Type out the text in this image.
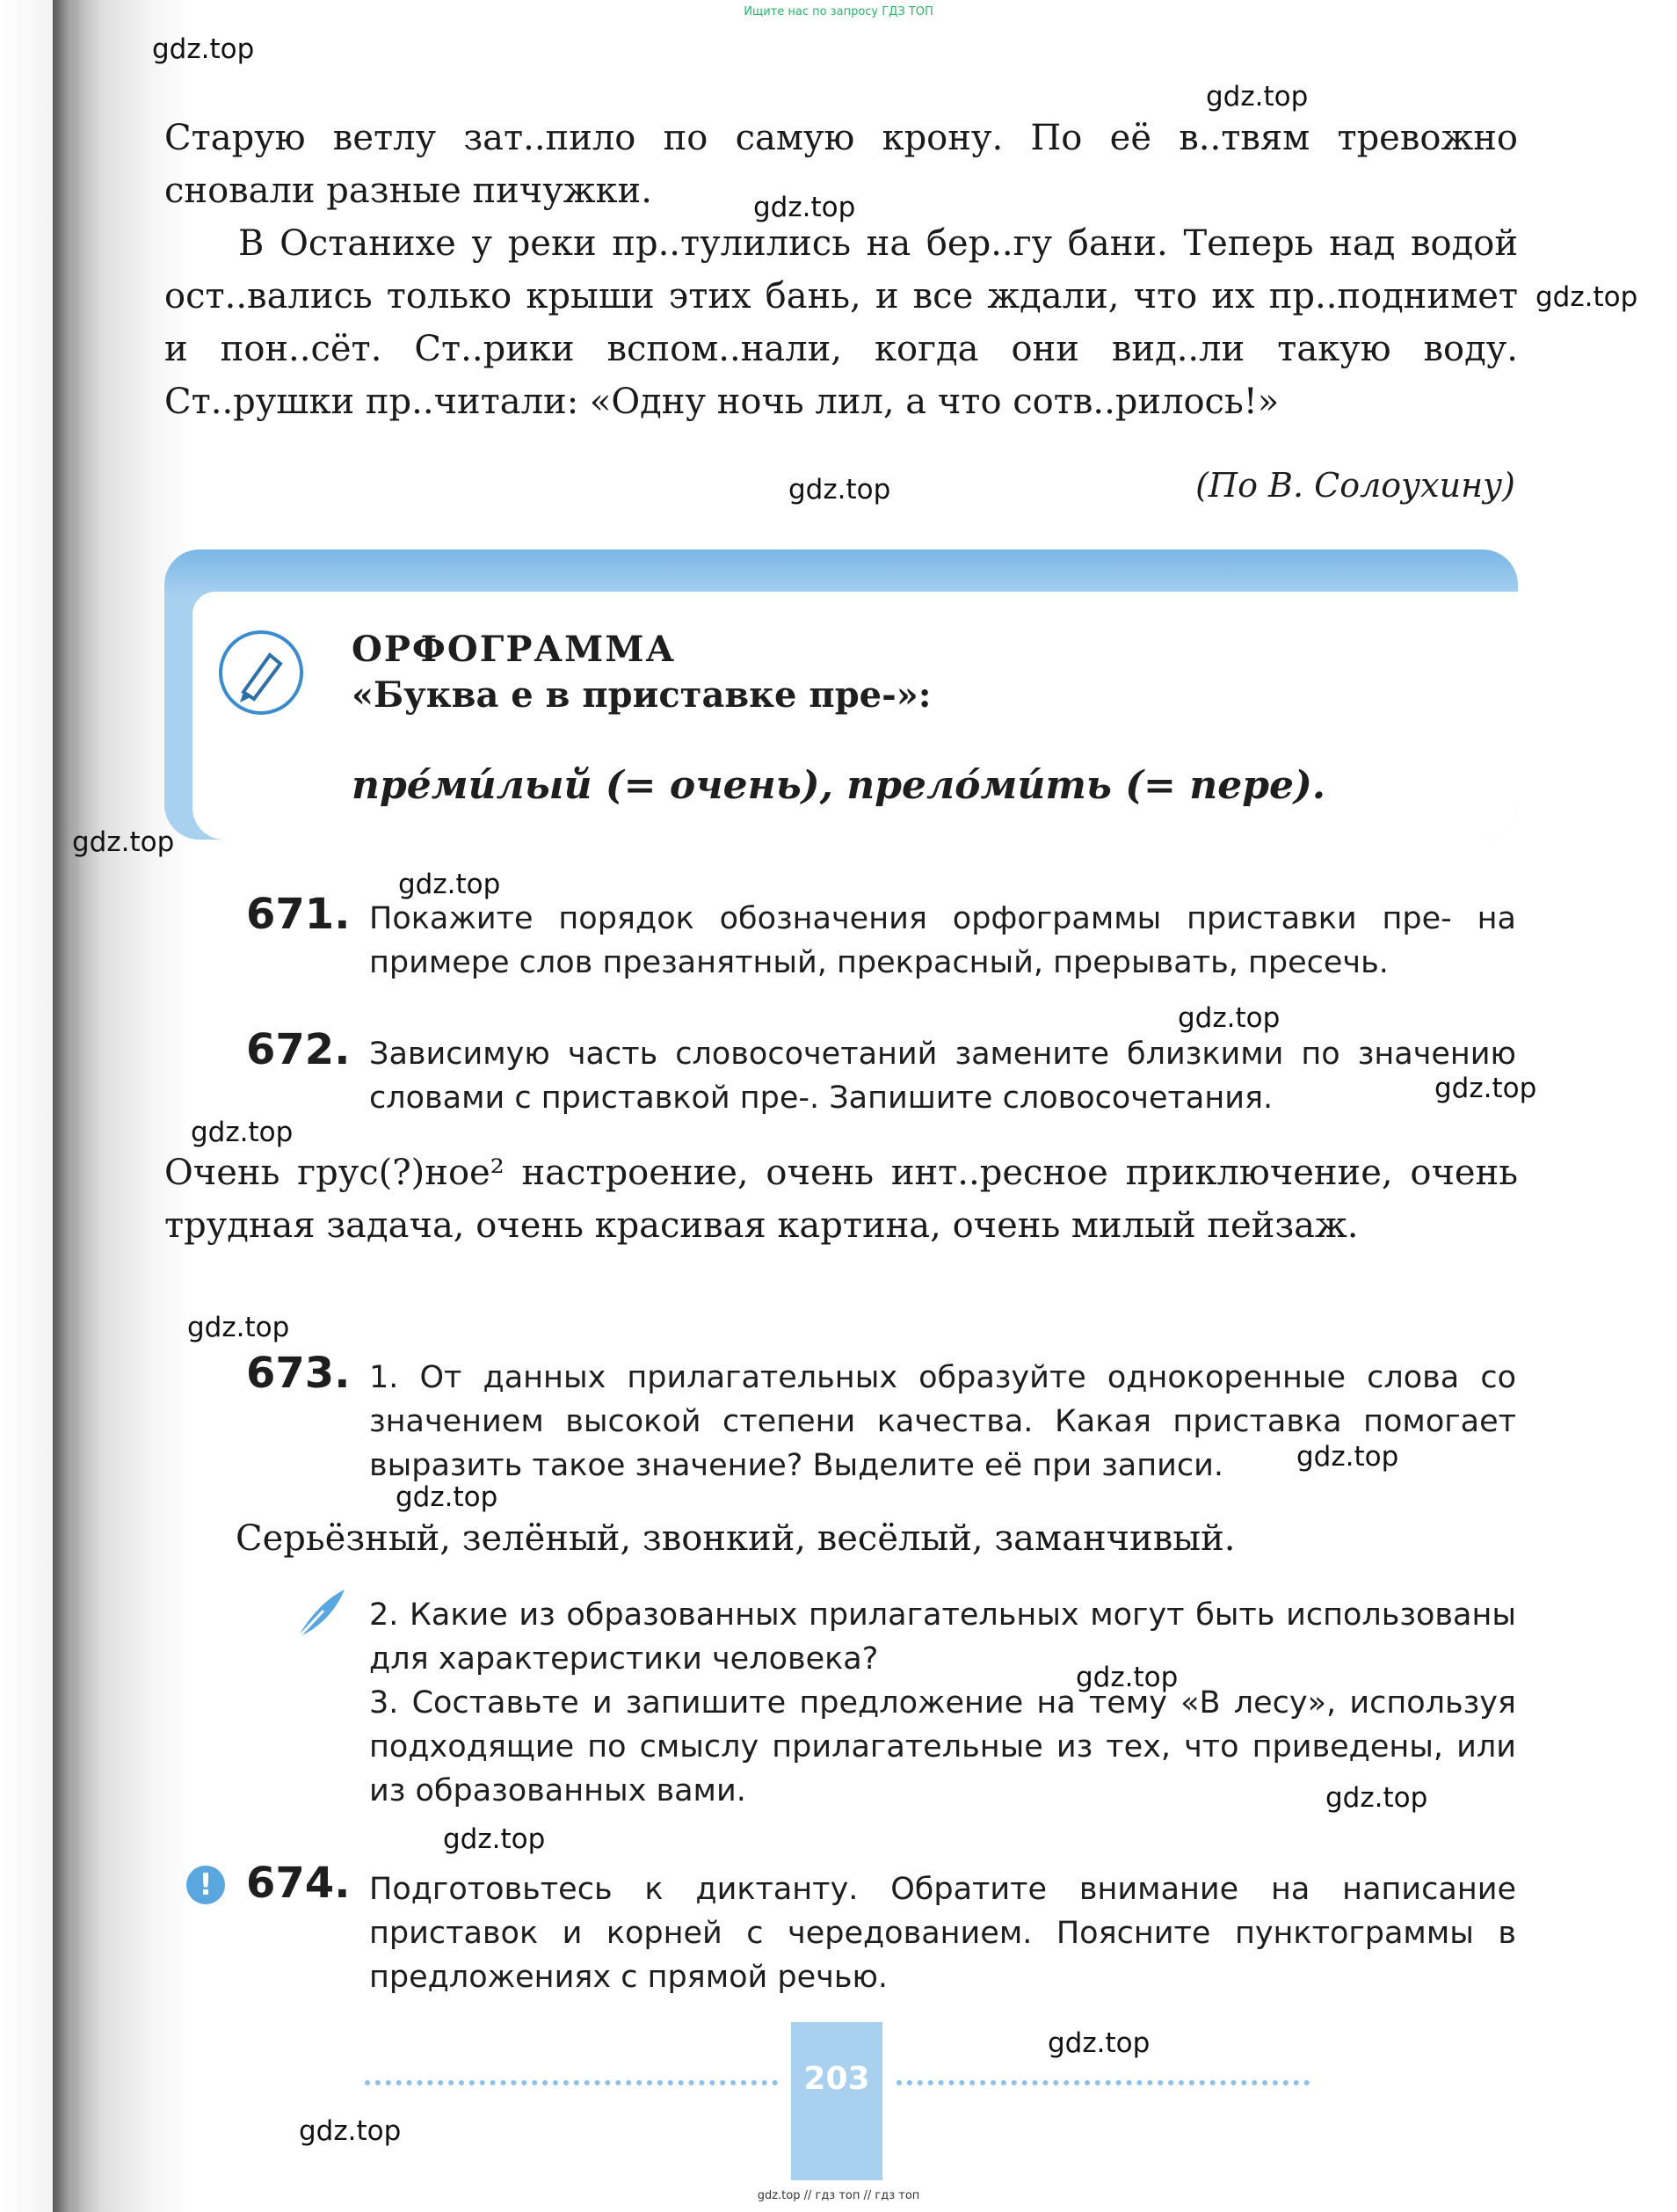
Ищите нас по запросу ГДЗ ТОП
gdz.top
gdz.top
gdz.top
gdz.top
gdz.top
gdz.top
gdz.top
gdz.top
gdz.top
gdz.top
gdz.top
gdz.top
gdz.top
gdz.top
gdz.top
gdz.top
gdz.top
gdz.top

Старую ветлу зат..пило по самую крону. По её в..твям тревожно сновали разные пичужки.

В Останихе у реки пр..тулились на бер..гу бани. Теперь над водой ост..вались только крыши этих бань, и все ждали, что их пр..поднимет и пон..сёт. Ст..рики вспом..нали, когда они вид..ли такую воду. Ст..рушки пр..читали: «Одну ночь лил, а что сотв..рилось!»

(По В. Солоухину)
ОРФОГРАММА
«Буква е в приставке пре-»:
пре́ми́лый (= очень), прело́ми́ть (= пере).
671. Покажите порядок обозначения орфограммы приставки пре- на примере слов презанятный, прекрасный, прерывать, пресечь.

672. Зависимую часть словосочетаний замените близкими по значению словами с приставкой пре-. Запишите словосочетания.

Очень грус(?)ное² настроение, очень инт..ресное приключение, очень трудная задача, очень красивая картина, очень милый пейзаж.

673. 1. От данных прилагательных образуйте однокоренные слова со значением высокой степени качества. Какая приставка помогает выразить такое значение? Выделите её при записи.

Серьёзный, зелёный, звонкий, весёлый, заманчивый.

2. Какие из образованных прилагательных могут быть использованы для характеристики человека?

3. Составьте и запишите предложение на тему «В лесу», используя подходящие по смыслу прилагательные из тех, что приведены, или из образованных вами.

! 674. Подготовьтесь к диктанту. Обратите внимание на написание приставок и корней с чередованием. Поясните пунктограммы в предложениях с прямой речью.

203
gdz.top // гдз топ // гдз топ
